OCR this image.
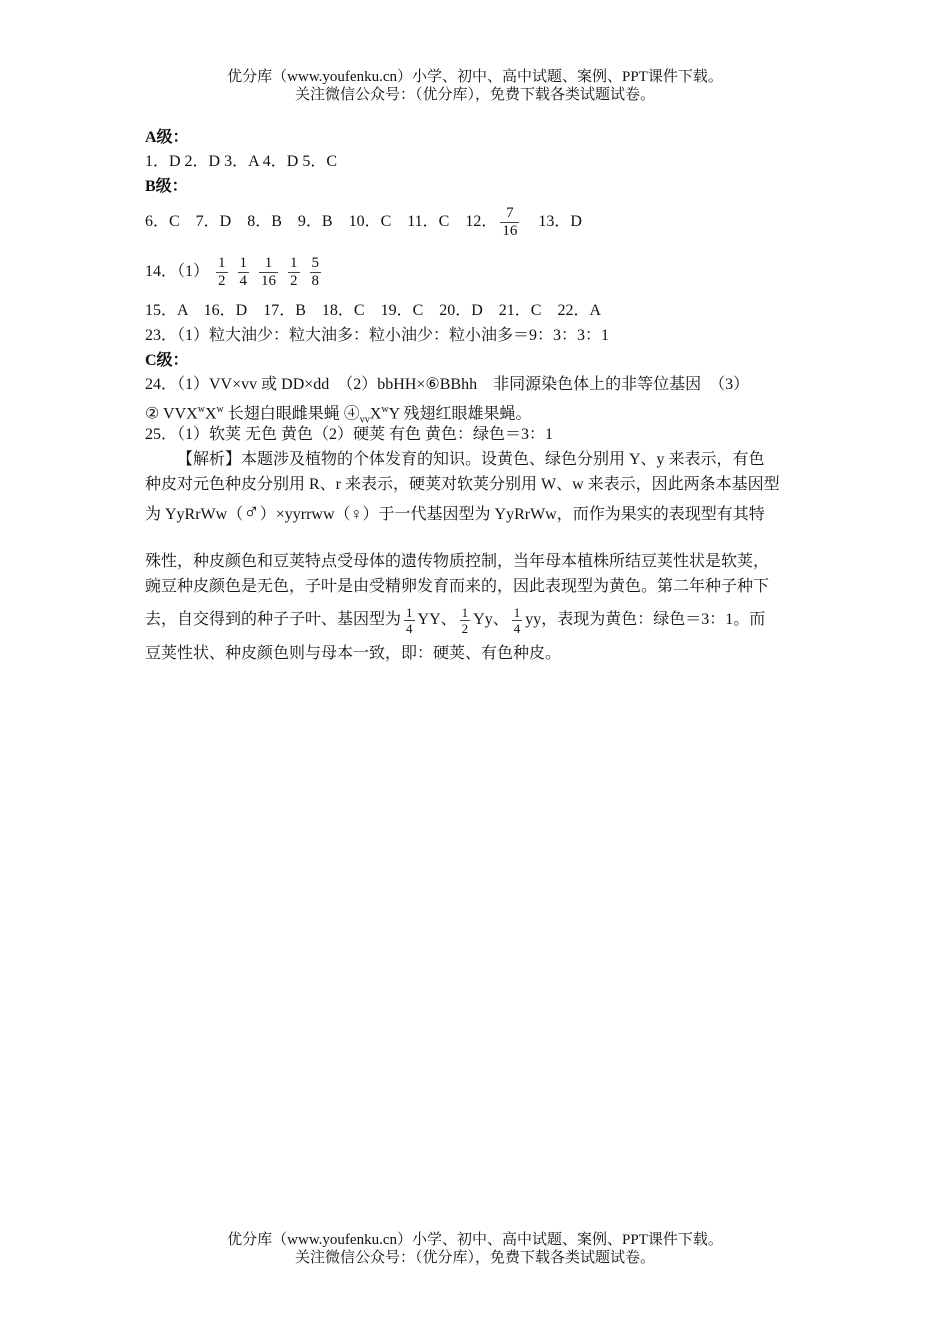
优分库（www.youfenku.cn）小学、初中、高中试题、案例、PPT课件下载。
关注微信公众号：（优分库），免费下载各类试题试卷。
A级：
1．D 2．D 3．A 4．D 5．C
B级：
6．C　7．D　8．B　9．B　10．C　11．C　12． $\frac{7}{16}$ 　13．D
14．$(1) \frac{1}{2}$
$\frac{1}{4}$
$\frac{1}{16}$
$\frac{1}{2}$
$\frac{5}{8}$
15．A　16．D　17．B　18．C　19．C　20．D　21．C　22．A
23．（1）粒大油少：粒大油多：粒小油少：粒小油多＝9：3：3：1
C级：
24．（1）VV×vv 或 DD×dd　（2）bbHH×⑥BBhh　非同源染色体上的非等位基因　（3）
② $VVX^wX^w$ 长翅白眼雌果蝇 $④_{vv}X^wY$ 残翅红眼雄果蝇。
25．（1）软荚 无色 黄色（2）硬荚 有色 黄色：绿色＝3：1
【解析】本题涉及植物的个体发育的知识。设黄色、绿色分别用 Y、y 来表示，有色
种皮对元色种皮分别用 R、r 来表示，硬荚对软荚分别用 W、w 来表示，因此两条本基因型
为 YyRrWw（♂）×yyrrww（♀）于一代基因型为 YyRrWw，而作为果实的表现型有其特
殊性，种皮颜色和豆荚特点受母体的遗传物质控制，当年母本植株所结豆荚性状是软荚，
豌豆种皮颜色是无色，子叶是由受精卵发育而来的，因此表现型为黄色。第二年种子种下
去，自交得到的种子子叶、基因型为 $\frac{1}{4}$ YY、 $\frac{1}{2}$ Yy、 $\frac{1}{4}$ yy，表现为黄色：绿色＝3：1。而
豆荚性状、种皮颜色则与母本一致，即：硬荚、有色种皮。
优分库（www.youfenku.cn）小学、初中、高中试题、案例、PPT课件下载。
关注微信公众号：（优分库），免费下载各类试题试卷。
